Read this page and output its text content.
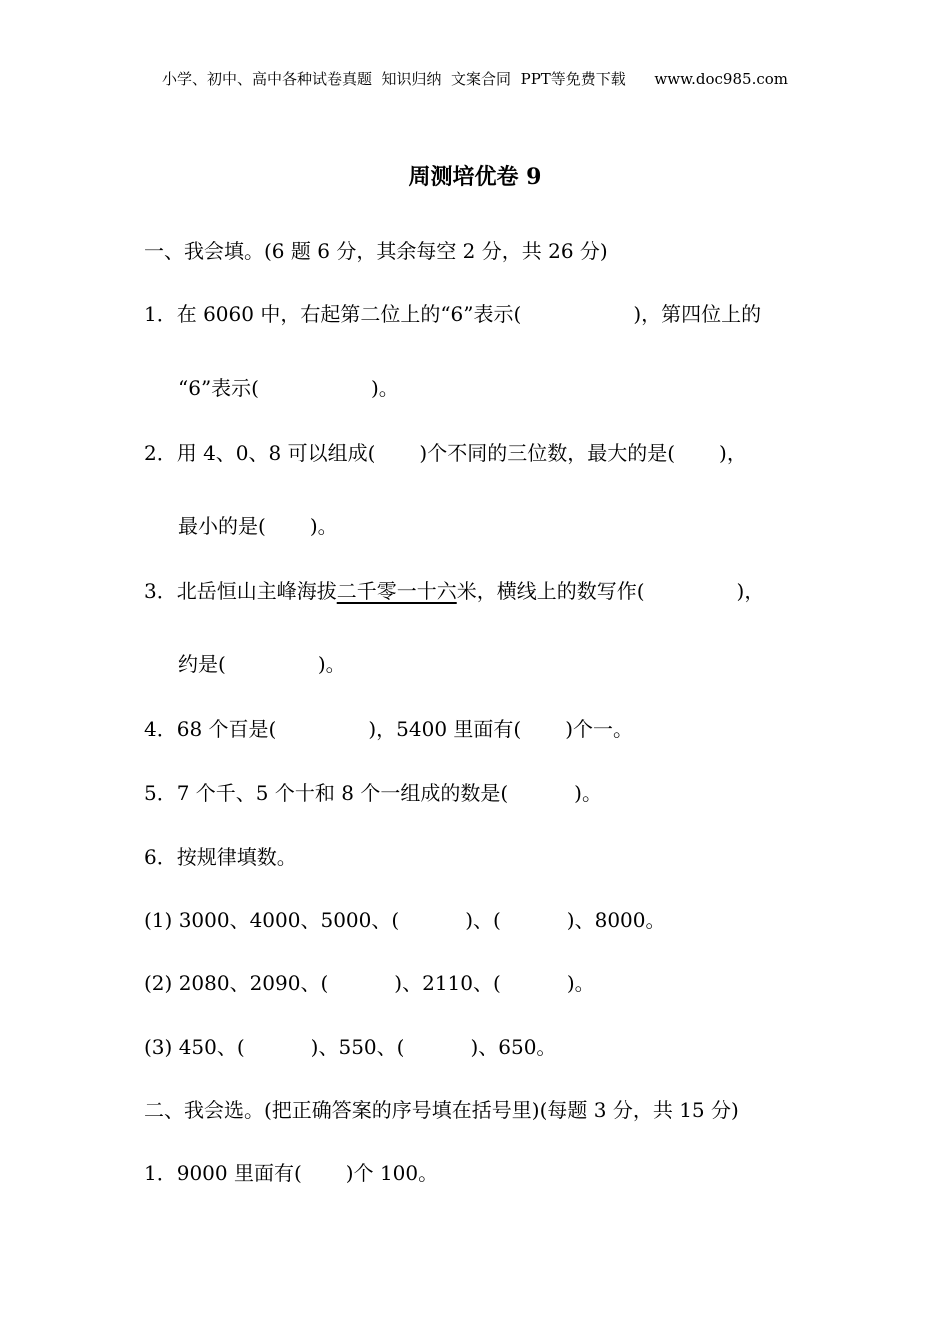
小学、初中、高中各种试卷真题  知识归纳  文案合同  PPT等免费下载      www.doc985.com
周测培优卷 9
一、我会填。(6 题 6 分，其余每空 2 分，共 26 分)
1．在 6060 中，右起第二位上的“6”表示(	)，第四位上的
“6”表示(	)。
2．用 4、0、8 可以组成( )个不同的三位数，最大的是( )，
最小的是( )。
3．北岳恒山主峰海拔二千零一十六米，横线上的数写作(	)，
约是(	)。
4．68 个百是(	)，5400 里面有( )个一。
5．7 个千、5 个十和 8 个一组成的数是(	)。
6．按规律填数。
(1) 3000、4000、5000、(	)、(	)、8000。
(2) 2080、2090、(	)、2110、(	)。
(3) 450、(	)、550、(	)、650。
二、我会选。(把正确答案的序号填在括号里)(每题 3 分，共 15 分)
1．9000 里面有( )个 100。
